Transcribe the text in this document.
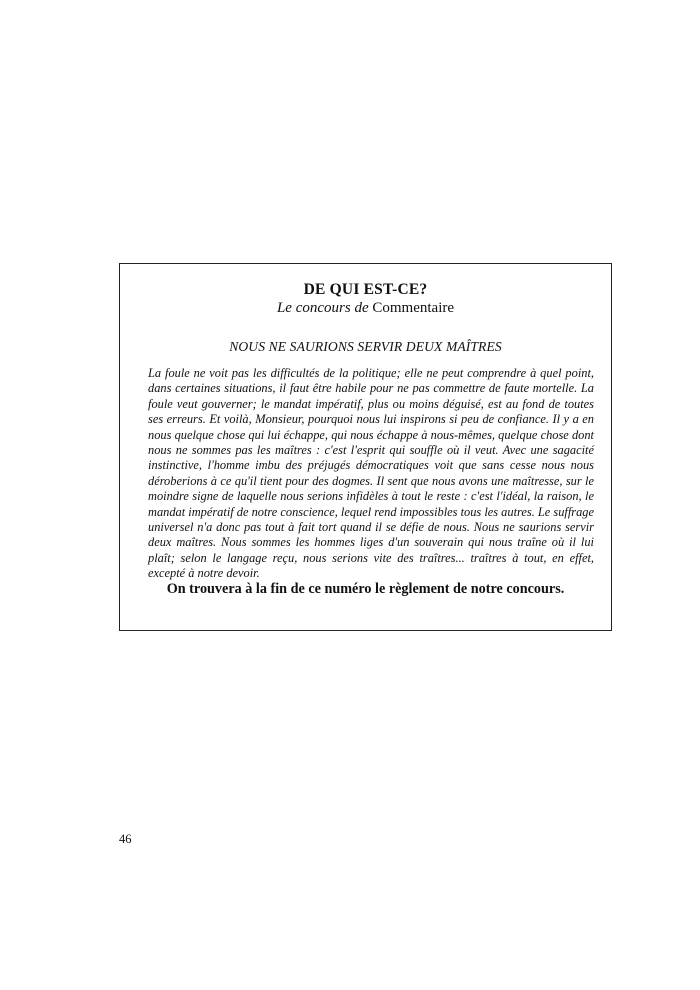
DE QUI EST-CE?
Le concours de Commentaire
NOUS NE SAURIONS SERVIR DEUX MAÎTRES

La foule ne voit pas les difficultés de la politique; elle ne peut comprendre à quel point, dans certaines situations, il faut être habile pour ne pas commettre de faute mortelle. La foule veut gouverner; le mandat impératif, plus ou moins déguisé, est au fond de toutes ses erreurs. Et voilà, Monsieur, pourquoi nous lui inspirons si peu de confiance. Il y a en nous quelque chose qui lui échappe, qui nous échappe à nous-mêmes, quelque chose dont nous ne sommes pas les maîtres : c'est l'esprit qui souffle où il veut. Avec une sagacité instinctive, l'homme imbu des préjugés démocratiques voit que sans cesse nous nous déroberions à ce qu'il tient pour des dogmes. Il sent que nous avons une maîtresse, sur le moindre signe de laquelle nous serions infidèles à tout le reste : c'est l'idéal, la raison, le mandat impératif de notre conscience, lequel rend impossibles tous les autres. Le suffrage universel n'a donc pas tout à fait tort quand il se défie de nous. Nous ne saurions servir deux maîtres. Nous sommes les hommes liges d'un souverain qui nous traîne où il lui plaît; selon le langage reçu, nous serions vite des traîtres... traîtres à tout, en effet, excepté à notre devoir.

On trouvera à la fin de ce numéro le règlement de notre concours.
46
